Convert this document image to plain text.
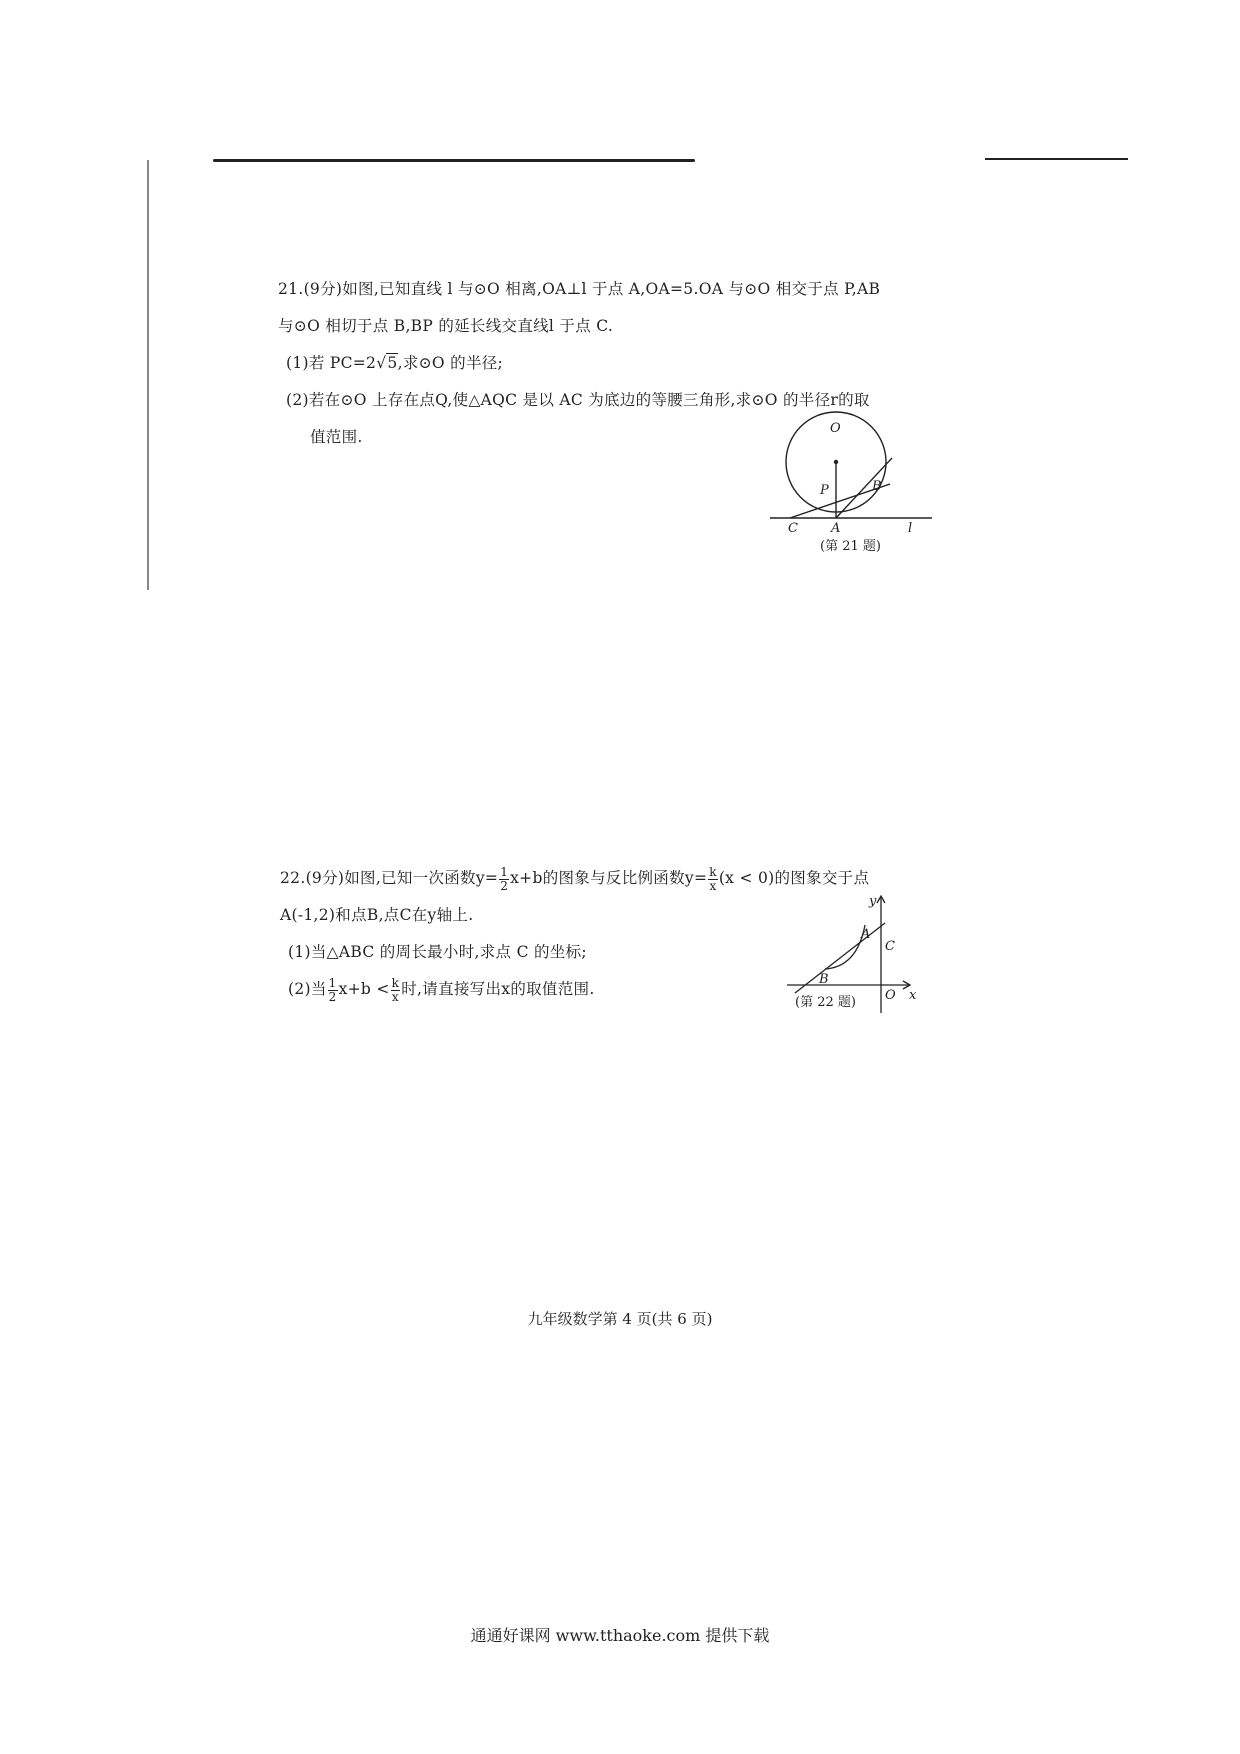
21.(9分)如图,已知直线 l 与⊙O 相离,OA⊥l 于点 A,OA=5.OA 与⊙O 相交于点 P,AB
与⊙O 相切于点 B,BP 的延长线交直线l 于点 C.
(1)若 PC=2√5,求⊙O 的半径;
(2)若在⊙O 上存在点Q,使△AQC 是以 AC 为底边的等腰三角形,求⊙O 的半径r的取
值范围.	O
P	B
C	A	l
(第 21 题)
22.(9分)如图,已知一次函数$y= \frac{1}{2} x+b$的图象与反比例函数$y= \frac{k}{x} (x < 0)$的图象交于点
A(-1,2)和点B,点C在y轴上.
(1)当△ABC 的周长最小时,求点 C 的坐标;
(2)当 $\frac{1}{2} x+b < \frac{k}{x}$ 时,请直接写出x的取值范围.
y
A
C
B
O x
(第 22 题)
九年级数学第 4 页(共 6 页)
通通好课网 www.tthaoke.com 提供下载
